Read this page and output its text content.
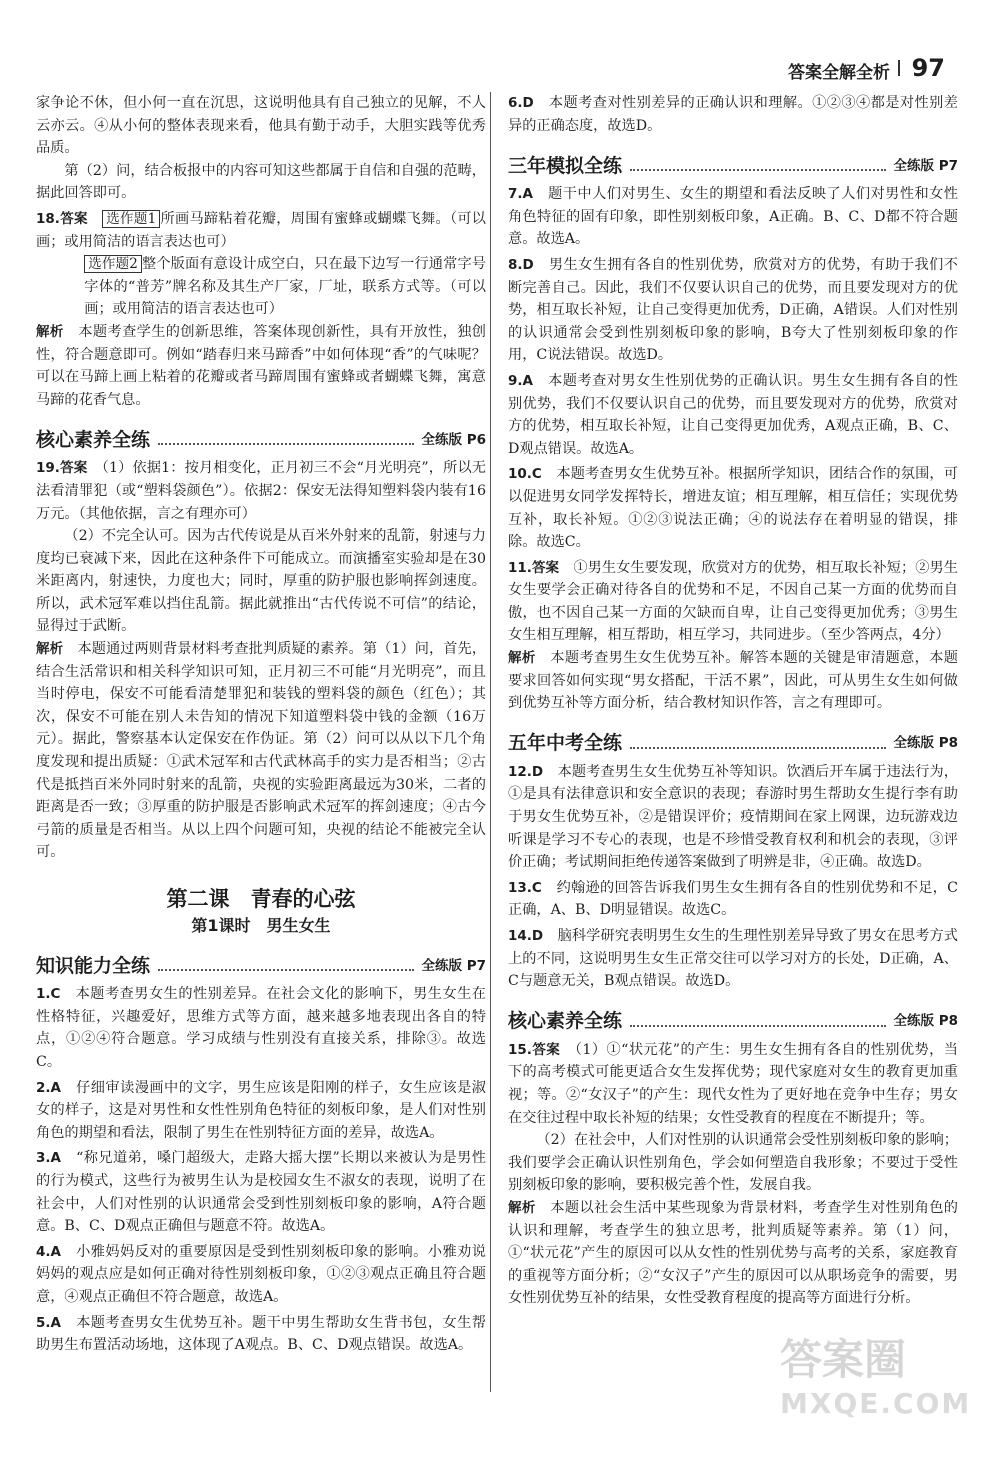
答案全解全析 97

家争论不休，但小何一直在沉思，这说明他具有自己独立的见解，不人云亦云。④从小何的整体表现来看，他具有勤于动手，大胆实践等优秀品质。

第（2）问，结合板报中的内容可知这些都属于自信和自强的范畴，据此回答即可。

18.答案　 选作题1 所画马蹄粘着花瓣，周围有蜜蜂或蝴蝶飞舞。（可以画；或用简洁的语言表达也可）

选作题2 整个版面有意设计成空白，只在最下边写一行通常字号字体的“普芳”牌名称及其生产厂家，厂址，联系方式等。（可以画；或用简洁的语言表达也可）

解析　 本题考查学生的创新思维，答案体现创新性，具有开放性，独创性，符合题意即可。例如“踏春归来马蹄香”中如何体现“香”的气味呢？可以在马蹄上画上粘着的花瓣或者马蹄周围有蜜蜂或者蝴蝶飞舞，寓意马蹄的花香气息。

核心素养全练	全练版 P6

19.答案　 （1）依据1：按月相变化，正月初三不会“月光明亮”，所以无法看清罪犯（或“塑料袋颜色”）。依据2：保安无法得知塑料袋内装有16万元。（其他依据，言之有理亦可）

（2）不完全认可。因为古代传说是从百米外射来的乱箭，射速与力度均已衰减下来，因此在这种条件下可能成立。而演播室实验却是在30米距离内，射速快，力度也大；同时，厚重的防护服也影响挥剑速度。所以，武术冠军难以挡住乱箭。据此就推出“古代传说不可信”的结论，显得过于武断。

解析　 本题通过两则背景材料考查批判质疑的素养。第（1）问，首先，结合生活常识和相关科学知识可知，正月初三不可能“月光明亮”，而且当时停电，保安不可能看清楚罪犯和装钱的塑料袋的颜色（红色）；其次，保安不可能在别人未告知的情况下知道塑料袋中钱的金额（16万元）。据此，警察基本认定保安在作伪证。第（2）问可以从以下几个角度发现和提出质疑：①武术冠军和古代武林高手的实力是否相当；②古代是抵挡百米外同时射来的乱箭，央视的实验距离最远为30米，二者的距离是否一致；③厚重的防护服是否影响武术冠军的挥剑速度；④古今弓箭的质量是否相当。从以上四个问题可知，央视的结论不能被完全认可。

第二课　青春的心弦
第1课时　男生女生
知识能力全练	全练版 P7

1.C　 本题考查男女生的性别差异。在社会文化的影响下，男生女生在性格特征，兴趣爱好，思维方式等方面，越来越多地表现出各自的特点，①②④符合题意。学习成绩与性别没有直接关系，排除③。故选C。

2.A　 仔细审读漫画中的文字，男生应该是阳刚的样子，女生应该是淑女的样子，这是对男性和女性性别角色特征的刻板印象，是人们对性别角色的期望和看法，限制了男生在性别特征方面的差异，故选A。

3.A　 “称兄道弟，嗓门超级大，走路大摇大摆”长期以来被认为是男性的行为模式，这些行为被男生认为是校园女生不淑女的表现，说明了在社会中，人们对性别的认识通常会受到性别刻板印象的影响，A符合题意。B、C、D观点正确但与题意不符。故选A。

4.A　 小雅妈妈反对的重要原因是受到性别刻板印象的影响。小雅劝说妈妈的观点应是如何正确对待性别刻板印象，①②③观点正确且符合题意，④观点正确但不符合题意，故选A。

5.A　 本题考查男女生优势互补。题干中男生帮助女生背书包，女生帮助男生布置活动场地，这体现了A观点。B、C、D观点错误。故选A。

6.D　 本题考查对性别差异的正确认识和理解。①②③④都是对性别差异的正确态度，故选D。

三年模拟全练	全练版 P7

7.A　 题干中人们对男生、女生的期望和看法反映了人们对男性和女性角色特征的固有印象，即性别刻板印象，A正确。B、C、D都不符合题意。故选A。

8.D　 男生女生拥有各自的性别优势，欣赏对方的优势，有助于我们不断完善自己。因此，我们不仅要认识自己的优势，而且要发现对方的优势，相互取长补短，让自己变得更加优秀，D正确，A错误。人们对性别的认识通常会受到性别刻板印象的影响，B夸大了性别刻板印象的作用，C说法错误。故选D。

9.A　 本题考查对男女生性别优势的正确认识。男生女生拥有各自的性别优势，我们不仅要认识自己的优势，而且要发现对方的优势，欣赏对方的优势，相互取长补短，让自己变得更加优秀，A观点正确，B、C、D观点错误。故选A。

10.C　 本题考查男女生优势互补。根据所学知识，团结合作的氛围，可以促进男女同学发挥特长，增进友谊；相互理解，相互信任；实现优势互补，取长补短。①②③说法正确；④的说法存在着明显的错误，排除。故选C。

11.答案　 ①男生女生要发现，欣赏对方的优势，相互取长补短；②男生女生要学会正确对待各自的优势和不足，不因自己某一方面的优势而自傲，也不因自己某一方面的欠缺而自卑，让自己变得更加优秀；③男生女生相互理解，相互帮助，相互学习，共同进步。（至少答两点，4分）

解析　 本题考查男生女生优势互补。解答本题的关键是审清题意，本题要求回答如何实现“男女搭配，干活不累”，因此，可从男生女生如何做到优势互补等方面分析，结合教材知识作答，言之有理即可。

五年中考全练	全练版 P8

12.D　 本题考查男生女生优势互补等知识。饮酒后开车属于违法行为，①是具有法律意识和安全意识的表现；春游时男生帮助女生提行李有助于男女生优势互补，②是错误评价；疫情期间在家上网课，边玩游戏边听课是学习不专心的表现，也是不珍惜受教育权利和机会的表现，③评价正确；考试期间拒绝传递答案做到了明辨是非，④正确。故选D。

13.C　 约翰逊的回答告诉我们男生女生拥有各自的性别优势和不足，C正确，A、B、D明显错误。故选C。

14.D　 脑科学研究表明男生女生的生理性别差异导致了男女在思考方式上的不同，这说明男生女生正常交往可以学习对方的长处，D正确，A、C与题意无关，B观点错误。故选D。

核心素养全练	全练版 P8

15.答案　 （1）①“状元花”的产生：男生女生拥有各自的性别优势，当下的高考模式可能更适合女生发挥优势；现代家庭对女生的教育更加重视；等。②“女汉子”的产生：现代女性为了更好地在竞争中生存；男女在交往过程中取长补短的结果；女性受教育的程度在不断提升；等。

（2）在社会中，人们对性别的认识通常会受性别刻板印象的影响；我们要学会正确认识性别角色，学会如何塑造自我形象；不要过于受性别刻板印象的影响，要积极完善个性，发展自我。

解析　 本题以社会生活中某些现象为背景材料，考查学生对性别角色的认识和理解，考查学生的独立思考，批判质疑等素养。第（1）问，①“状元花”产生的原因可以从女性的性别优势与高考的关系，家庭教育的重视等方面分析；②“女汉子”产生的原因可以从职场竞争的需要，男女性别优势互补的结果，女性受教育程度的提高等方面进行分析。

答案圈
MXQE.COM
